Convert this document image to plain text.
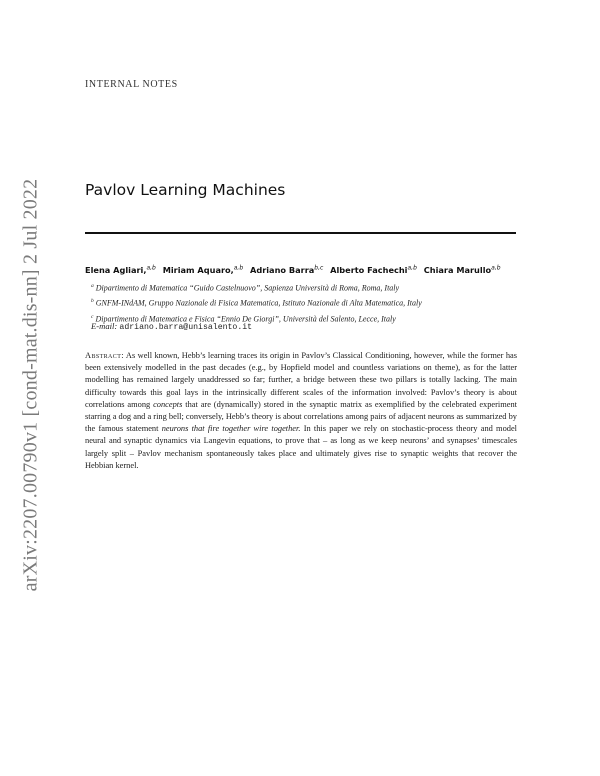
arXiv:2207.00790v1 [cond-mat.dis-nn] 2 Jul 2022
INTERNAL NOTES
Pavlov Learning Machines
Elena Agliari,$^{a,b}$ Miriam Aquaro,$^{a,b}$ Adriano Barra$^{b,c}$ Alberto Fachechi$^{a,b}$ Chiara Marullo$^{a,b}$
$^a$ Dipartimento di Matematica “Guido Castelnuovo”, Sapienza Università di Roma, Roma, Italy
$^b$ GNFM-INdAM, Gruppo Nazionale di Fisica Matematica, Istituto Nazionale di Alta Matematica, Italy
$^c$ Dipartimento di Matematica e Fisica “Ennio De Giorgi”, Università del Salento, Lecce, Italy
E-mail: adriano.barra@unisalento.it

Abstract: As well known, Hebb’s learning traces its origin in Pavlov’s Classical Conditioning, however, while the former has been extensively modelled in the past decades (e.g., by Hopfield model and countless variations on theme), as for the latter modelling has remained largely unaddressed so far; further, a bridge between these two pillars is totally lacking. The main difficulty towards this goal lays in the intrinsically different scales of the information involved: Pavlov’s theory is about correlations among concepts that are (dynamically) stored in the synaptic matrix as exemplified by the celebrated experiment starring a dog and a ring bell; conversely, Hebb’s theory is about correlations among pairs of adjacent neurons as summarized by the famous statement neurons that fire together wire together. In this paper we rely on stochastic-process theory and model neural and synaptic dynamics via Langevin equations, to prove that – as long as we keep neurons’ and synapses’ timescales largely split – Pavlov mechanism spontaneously takes place and ultimately gives rise to synaptic weights that recover the Hebbian kernel.
